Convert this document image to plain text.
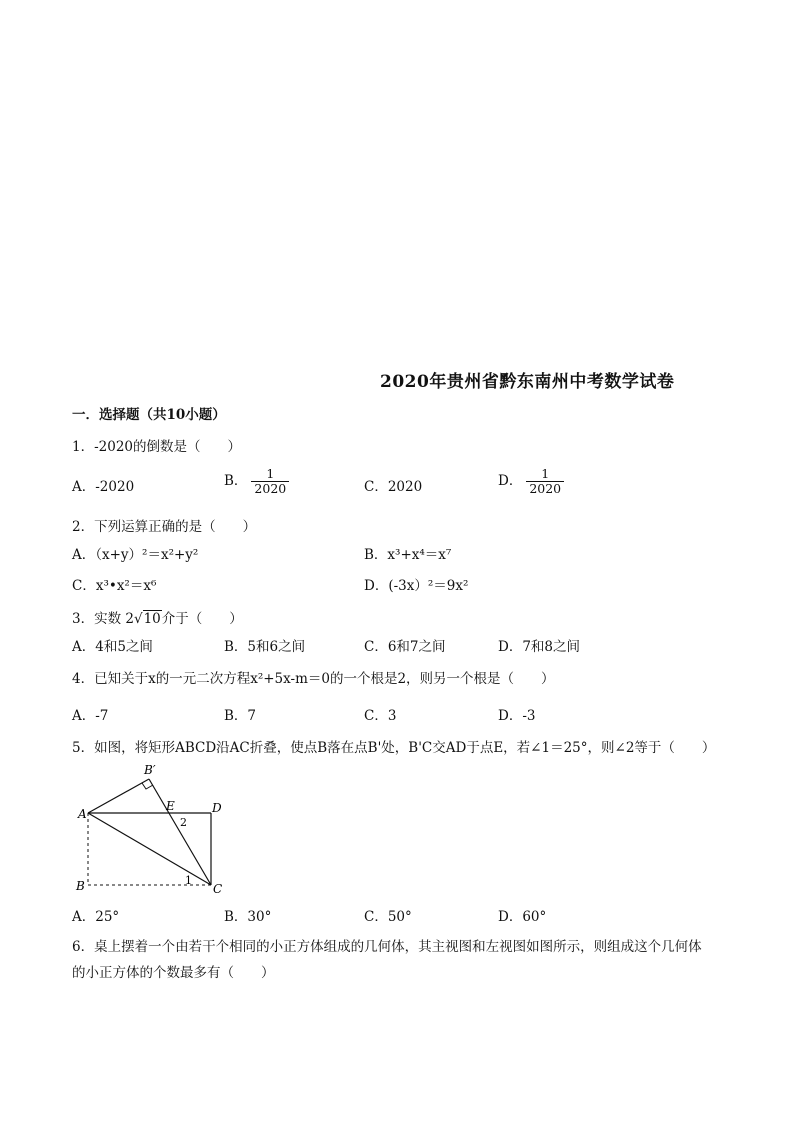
2020年贵州省黔东南州中考数学试卷
一．选择题（共10小题）
1．-2020的倒数是（　　）
A．-2020	B． $\frac{1}{2020}$	C．2020	D． $\frac{1}{2020}$
2．下列运算正确的是（　　）
A．（x+y）²＝x²+y²	B．x³+x⁴＝x⁷
C．x³•x²＝x⁶	D．(-3x）²＝9x²
3．实数 2√10介于（　　）
A．4和5之间	B．5和6之间	C．6和7之间	D．7和8之间
4．已知关于x的一元二次方程x²+5x-m＝0的一个根是2，则另一个根是（　　）
A．-7	B．7	C．3	D．-3
5．如图，将矩形ABCD沿AC折叠，使点B落在点B'处，B'C交AD于点E，若∠1＝25°，则∠2等于（　　）
B′
A	D
E
2
B	C
1
A．25°	B．30°	C．50°	D．60°
6．桌上摆着一个由若干个相同的小正方体组成的几何体，其主视图和左视图如图所示，则组成这个几何体
的小正方体的个数最多有（　　）
